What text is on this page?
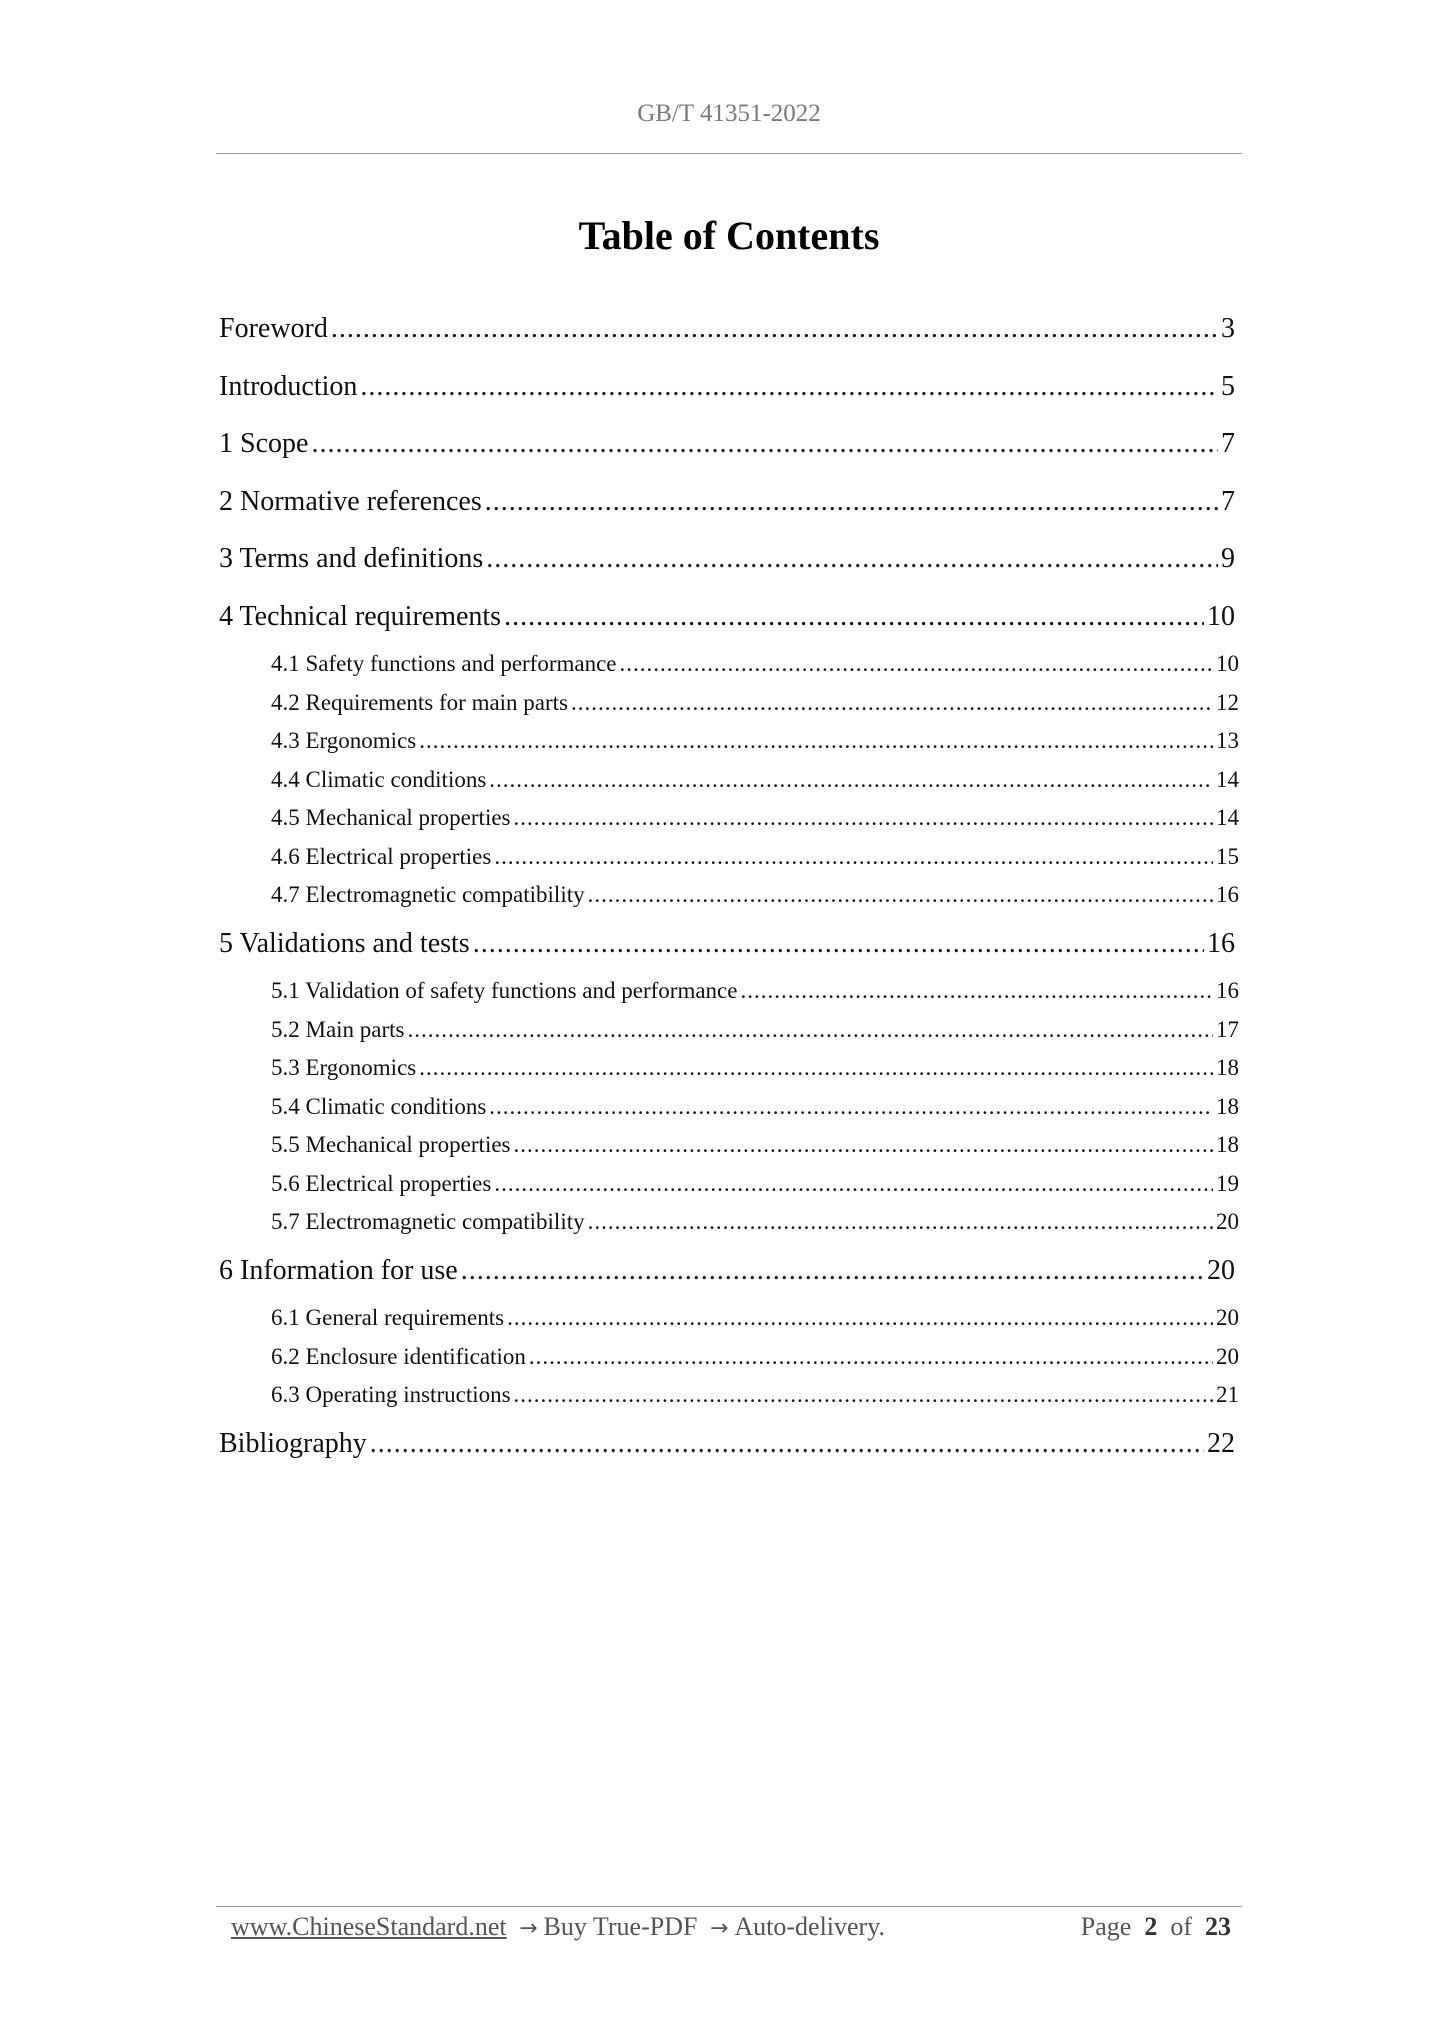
GB/T 41351-2022
Table of Contents
Foreword .....	3
Introduction .....	5
1 Scope .....	7
2 Normative references .....	7
3 Terms and definitions .....	9
4 Technical requirements .....	10
4.1 Safety functions and performance .....	10
4.2 Requirements for main parts .....	12
4.3 Ergonomics .....	13
4.4 Climatic conditions .....	14
4.5 Mechanical properties .....	14
4.6 Electrical properties .....	15
4.7 Electromagnetic compatibility .....	16
5 Validations and tests .....	16
5.1 Validation of safety functions and performance .....	16
5.2 Main parts .....	17
5.3 Ergonomics .....	18
5.4 Climatic conditions .....	18
5.5 Mechanical properties .....	18
5.6 Electrical properties .....	19
5.7 Electromagnetic compatibility .....	20
6 Information for use .....	20
6.1 General requirements .....	20
6.2 Enclosure identification .....	20
6.3 Operating instructions .....	21
Bibliography .....	22
www.ChineseStandard.net → Buy True-PDF → Auto-delivery.	Page 2 of 23
